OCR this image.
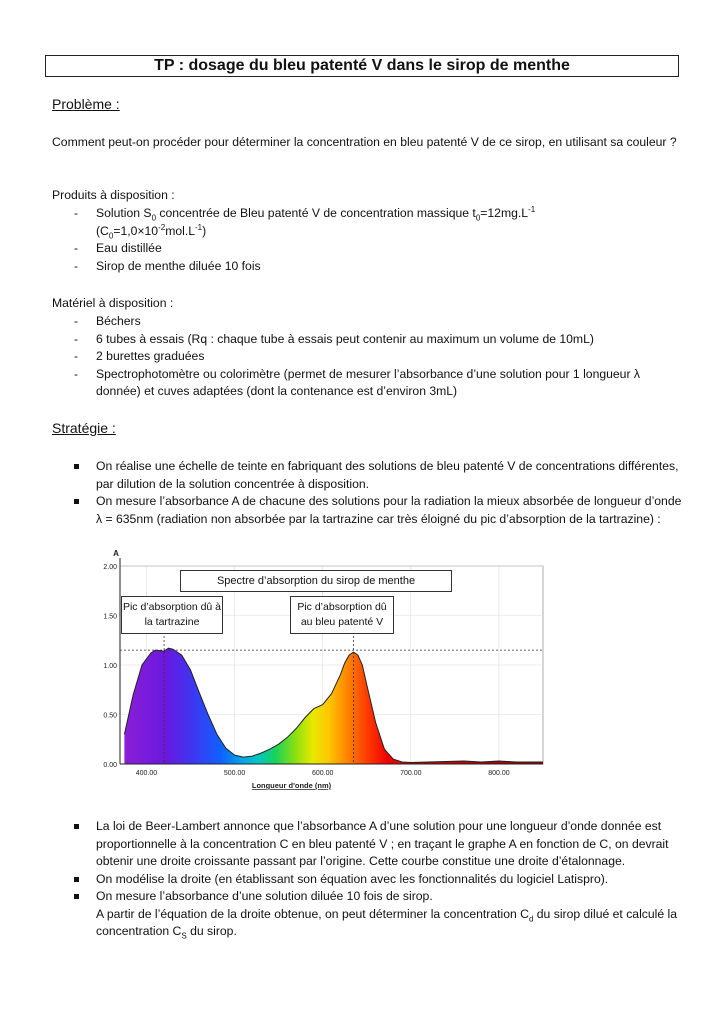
TP : dosage du bleu patenté V dans le sirop de menthe
Problème :
Comment peut-on procéder pour déterminer la concentration en bleu patenté V de ce sirop, en utilisant sa couleur ?
Produits à disposition :
- Solution $S_0$ concentrée de Bleu patenté V de concentration massique $t_0=12mg.L^{-1}$
$(C_0=1,0\times 10^{-2}mol.L^{-1})$
- Eau distillée
- Sirop de menthe diluée 10 fois
Matériel à disposition :
- Béchers
- 6 tubes à essais (Rq : chaque tube à essais peut contenir au maximum un volume de 10mL)
- 2 burettes graduées
- Spectrophotomètre ou colorimètre (permet de mesurer l’absorbance d’une solution pour 1 longueur λ donnée) et cuves adaptées (dont la contenance est d’environ 3mL)
Stratégie :
On réalise une échelle de teinte en fabriquant des solutions de bleu patenté V de concentrations différentes, par dilution de la solution concentrée à disposition.
On mesure l’absorbance A de chacune des solutions pour la radiation la mieux absorbée de longueur d’onde λ = 635nm (radiation non absorbée par la tartrazine car très éloigné du pic d’absorption de la tartrazine) :
0.00
0.50
1.00
1.50
2.00
400.00	500.00	600.00	700.00	800.00
A
Longueur d'onde (nm)
Spectre d’absorption du sirop de menthe
Pic d’absorption dû à la tartrazine
Pic d’absorption dû au bleu patenté V
La loi de Beer-Lambert annonce que l’absorbance A d’une solution pour une longueur d’onde donnée est proportionnelle à la concentration C en bleu patenté V ; en traçant le graphe A en fonction de C, on devrait obtenir une droite croissante passant par l’origine. Cette courbe constitue une droite d’étalonnage.
On modélise la droite (en établissant son équation avec les fonctionnalités du logiciel Latispro).
On mesure l’absorbance d’une solution diluée 10 fois de sirop.
A partir de l’équation de la droite obtenue, on peut déterminer la concentration $C_d$ du sirop dilué et calculé la concentration $C_S$ du sirop.
